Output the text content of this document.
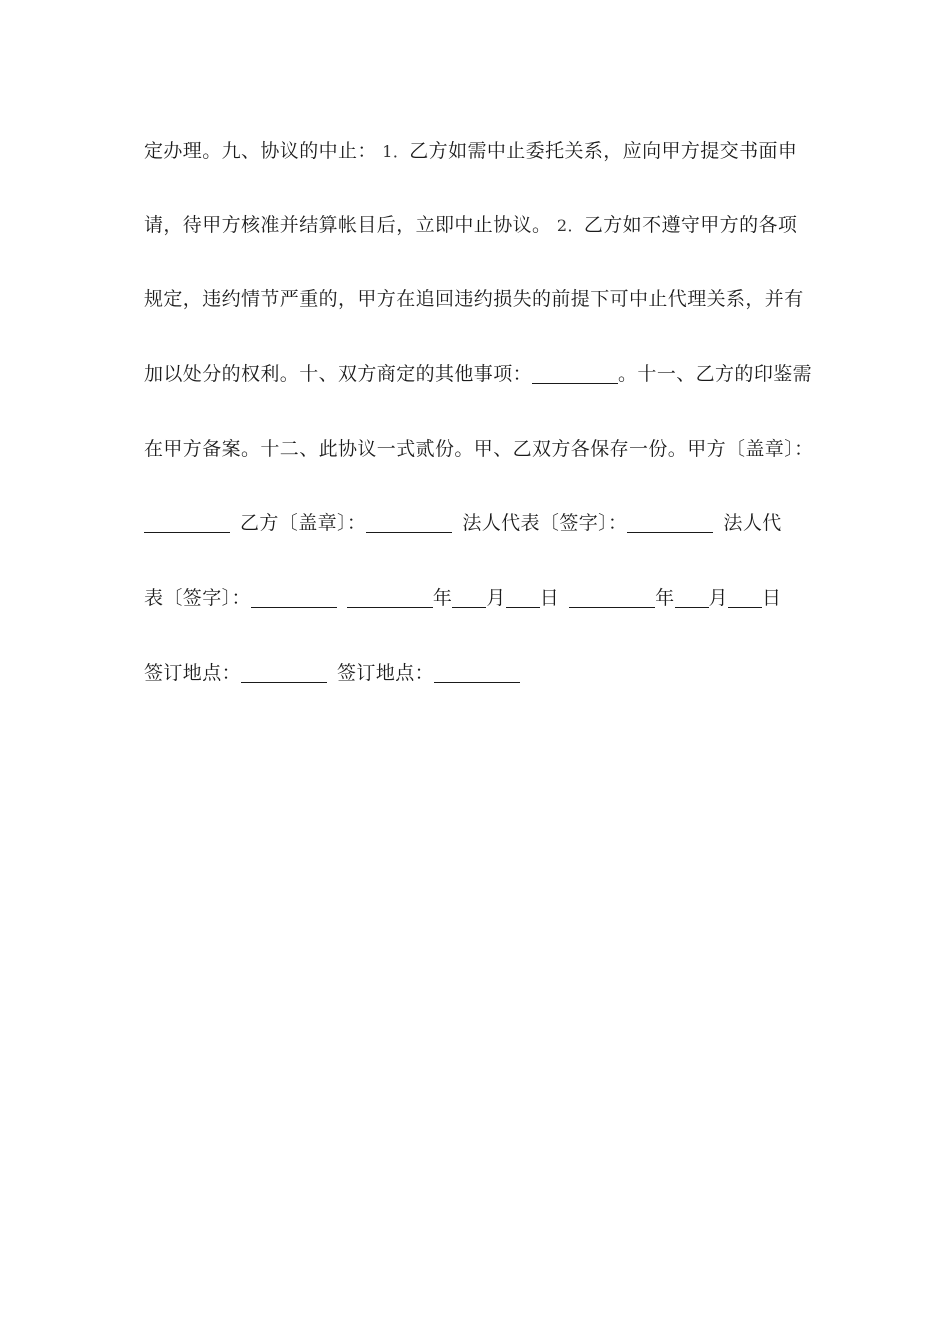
定办理。九、协议的中止： 1．乙方如需中止委托关系，应向甲方提交书面申
请，待甲方核准并结算帐目后，立即中止协议。 2．乙方如不遵守甲方的各项
规定，违约情节严重的，甲方在追回违约损失的前提下可中止代理关系，并有
加以处分的权利。十、双方商定的其他事项：	。十一、乙方的印鉴需
在甲方备案。十二、此协议一式贰份。甲、乙双方各保存一份。甲方〔盖章〕：
乙方〔盖章〕：	法人代表〔签字〕：	法人代
表〔签字〕：	年 月 日	年 月 日
签订地点：	签订地点：
